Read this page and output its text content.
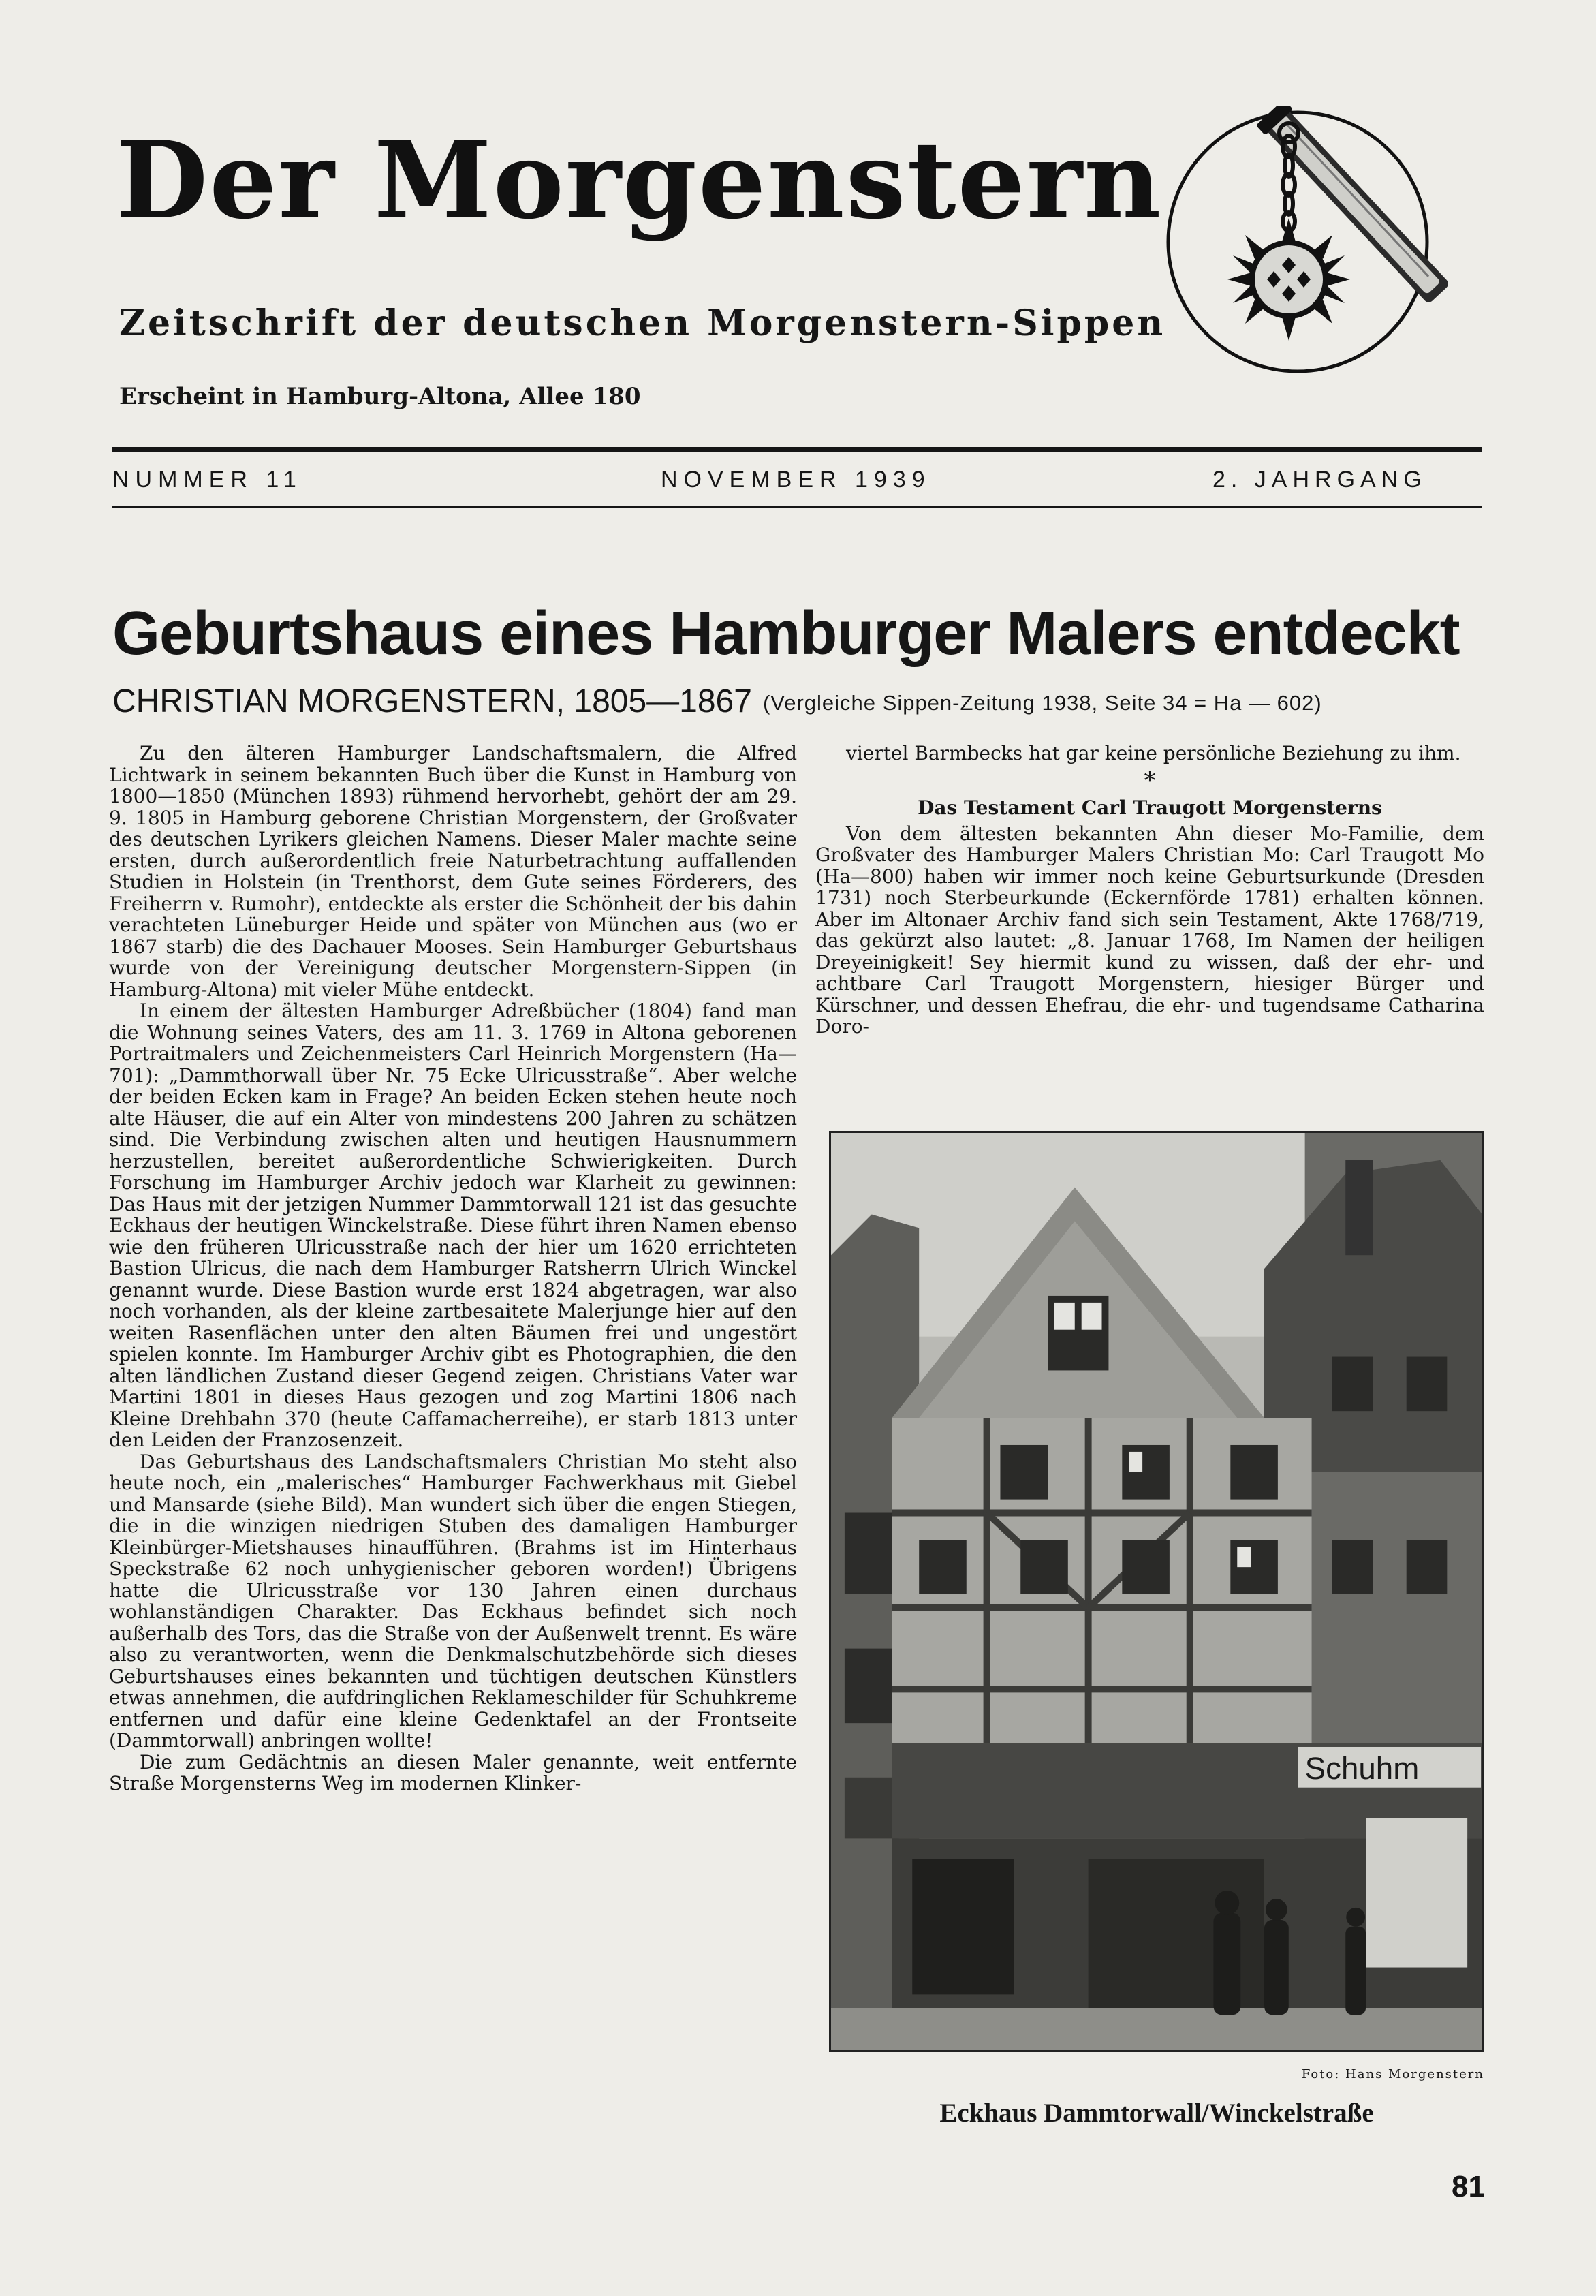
Der Morgenstern
Zeitschrift der deutschen Morgenstern-Sippen
Erscheint in Hamburg-Altona, Allee 180
NUMMER 11	NOVEMBER 1939	2. JAHRGANG
Geburtshaus eines Hamburger Malers entdeckt
CHRISTIAN MORGENSTERN, 1805—1867 (Vergleiche Sippen-Zeitung 1938, Seite 34 = Ha — 602)

Zu den älteren Hamburger Landschaftsmalern, die Alfred Lichtwark in seinem bekannten Buch über die Kunst in Hamburg von 1800—1850 (München 1893) rühmend hervorhebt, gehört der am 29. 9. 1805 in Hamburg geborene Christian Morgenstern, der Großvater des deutschen Lyrikers gleichen Namens. Dieser Maler machte seine ersten, durch außerordentlich freie Naturbetrachtung auffallenden Studien in Holstein (in Trenthorst, dem Gute seines Förderers, des Freiherrn v. Rumohr), entdeckte als erster die Schönheit der bis dahin verachteten Lüneburger Heide und später von München aus (wo er 1867 starb) die des Dachauer Mooses. Sein Hamburger Geburtshaus wurde von der Vereinigung deutscher Morgenstern-Sippen (in Hamburg-Altona) mit vieler Mühe entdeckt.

In einem der ältesten Hamburger Adreßbücher (1804) fand man die Wohnung seines Vaters, des am 11. 3. 1769 in Altona geborenen Portraitmalers und Zeichenmeisters Carl Heinrich Morgenstern (Ha—701): „Dammthorwall über Nr. 75 Ecke Ulricusstraße“. Aber welche der beiden Ecken kam in Frage? An beiden Ecken stehen heute noch alte Häuser, die auf ein Alter von mindestens 200 Jahren zu schätzen sind. Die Verbindung zwischen alten und heutigen Hausnummern herzustellen, bereitet außerordentliche Schwierigkeiten. Durch Forschung im Hamburger Archiv jedoch war Klarheit zu gewinnen: Das Haus mit der jetzigen Nummer Dammtorwall 121 ist das gesuchte Eckhaus der heutigen Winckelstraße. Diese führt ihren Namen ebenso wie den früheren Ulricusstraße nach der hier um 1620 errichteten Bastion Ulricus, die nach dem Hamburger Ratsherrn Ulrich Winckel genannt wurde. Diese Bastion wurde erst 1824 abgetragen, war also noch vorhanden, als der kleine zartbesaitete Malerjunge hier auf den weiten Rasenflächen unter den alten Bäumen frei und ungestört spielen konnte. Im Hamburger Archiv gibt es Photographien, die den alten ländlichen Zustand dieser Gegend zeigen. Christians Vater war Martini 1801 in dieses Haus gezogen und zog Martini 1806 nach Kleine Drehbahn 370 (heute Caffamacherreihe), er starb 1813 unter den Leiden der Franzosenzeit.

Das Geburtshaus des Landschaftsmalers Christian Mo steht also heute noch, ein „malerisches“ Hamburger Fachwerkhaus mit Giebel und Mansarde (siehe Bild). Man wundert sich über die engen Stiegen, die in die winzigen niedrigen Stuben des damaligen Hamburger Kleinbürger-Mietshauses hinaufführen. (Brahms ist im Hinterhaus Speckstraße 62 noch unhygienischer geboren worden!) Übrigens hatte die Ulricusstraße vor 130 Jahren einen durchaus wohlanständigen Charakter. Das Eckhaus befindet sich noch außerhalb des Tors, das die Straße von der Außenwelt trennt. Es wäre also zu verantworten, wenn die Denkmalschutzbehörde sich dieses Geburtshauses eines bekannten und tüchtigen deutschen Künstlers etwas annehmen, die aufdringlichen Reklameschilder für Schuhkreme entfernen und dafür eine kleine Gedenktafel an der Frontseite (Dammtorwall) anbringen wollte!

Die zum Gedächtnis an diesen Maler genannte, weit entfernte Straße Morgensterns Weg im modernen Klinker-

viertel Barmbecks hat gar keine persönliche Beziehung zu ihm.

*
Das Testament Carl Traugott Morgensterns

Von dem ältesten bekannten Ahn dieser Mo-Familie, dem Großvater des Hamburger Malers Christian Mo: Carl Traugott Mo (Ha—800) haben wir immer noch keine Geburtsurkunde (Dresden 1731) noch Sterbeurkunde (Eckernförde 1781) erhalten können. Aber im Altonaer Archiv fand sich sein Testament, Akte 1768/719, das gekürzt also lautet: „8. Januar 1768, Im Namen der heiligen Dreyeinigkeit! Sey hiermit kund zu wissen, daß der ehr- und achtbare Carl Traugott Morgenstern, hiesiger Bürger und Kürschner, und dessen Ehefrau, die ehr- und tugendsame Catharina Doro-

Schuhm
Foto: Hans Morgenstern
Eckhaus Dammtorwall/Winckelstraße
81
